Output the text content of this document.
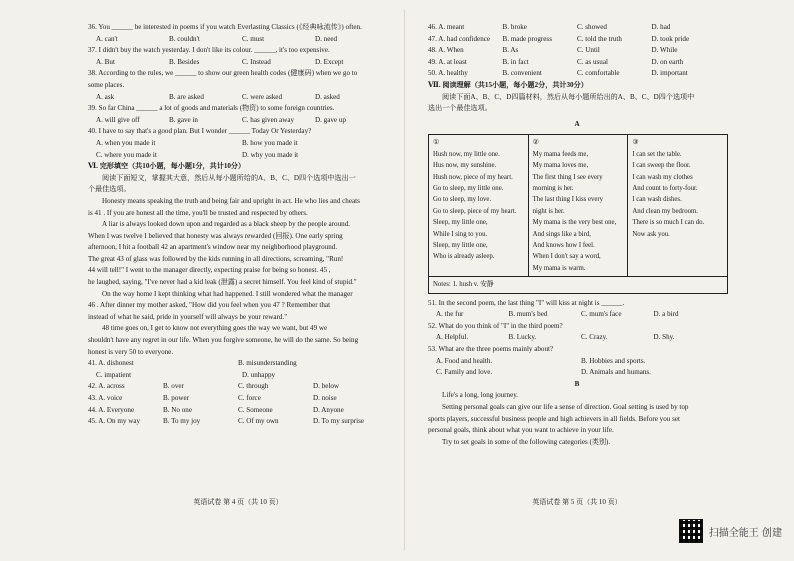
36. You ______ be interested in poems if you watch Everlasting Classics (《经典咏流传》) often.
A. can't	B. couldn't	C. must	D. need
37. I didn't buy the watch yesterday. I don't like its colour. ______, it's too expensive.
A. But	B. Besides	C. Instead	D. Except
38. According to the rules, we ______ to show our green health codes (健康码) when we go to
some places.
A. ask	B. are asked	C. were asked	D. asked
39. So far China ______ a lot of goods and materials (物资) to some foreign countries.
A. will give off	B. gave in	C. has given away	D. gave up
40. I have to say that's a good plan. But I wonder ______ Today Or Yesterday?
A. when you made it	B. how you made it
C. where you made it	D. why you made it
Ⅵ. 完形填空（共10小题，每小题1分，共计10分）
阅读下面短文，掌握其大意，然后从每小题所给的A、B、C、D四个选项中选出一
个最佳选项。
Honesty means speaking the truth and being fair and upright in act. He who lies and cheats
is 41 . If you are honest all the time, you'll be trusted and respected by others.
A liar is always looked down upon and regarded as a black sheep by the people around.
When I was twelve I believed that honesty was always rewarded (回报). One early spring
afternoon, I hit a football 42 an apartment's window near my neighborhood playground.
The great 43 of glass was followed by the kids running in all directions, screaming, "Run!
44 will tell!" I went to the manager directly, expecting praise for being so honest. 45 ,
he laughed, saying, "I've never had a kid leak (泄露) a secret himself. You feel kind of stupid."
On the way home I kept thinking what had happened. I still wondered what the manager
46 . After dinner my mother asked, "How did you feel when you 47 ? Remember that
instead of what he said, pride in yourself will always be your reward."
48 time goes on, I get to know not everything goes the way we want, but 49 we
shouldn't have any regret in our life. When you forgive someone, he will do the same. So being
honest is very 50 to everyone.
41. A. dishonest	B. misunderstanding
C. impatient	D. unhappy
42. A. across	B. over	C. through	D. below
43. A. voice	B. power	C. force	D. noise
44. A. Everyone	B. No one	C. Someone	D. Anyone
45. A. On my way	B. To my joy	C. Of my own	D. To my surprise
英语试卷 第 4 页（共 10 页）
46. A. meant	B. broke	C. showed	D. had
47. A. had confidence	B. made progress	C. told the truth	D. took pride
48. A. When	B. As	C. Until	D. While
49. A. at least	B. in fact	C. as usual	D. on earth
50. A. healthy	B. convenient	C. comfortable	D. important
Ⅶ. 阅读理解（共15小题，每小题2分，共计30分）
阅读下面A、B、C、D四篇材料，然后从每小题所给出的A、B、C、D四个选项中
选出一个最佳选项。
A
①
Hush now, my little one.
Hus now, my sunshine.
Hush now, piece of my heart.
Go to sleep, my little one.
Go to sleep, my love.
Go to sleep, piece of my heart.
Sleep, my little one,
While I sing to you.
Sleep, my little one,
Who is already asleep.

②
My mama feeds me,
My mama loves me,
The first thing I see every
morning is her.
The last thing I kiss every
night is her.
My mama is the very best one,
And sings like a bird,
And knows how I feel.
When I don't say a word,
My mama is warm.

③
I can set the table.
I can sweep the floor.
I can wash my clothes
And count to forty-four.
I can wash dishes.
And clean my bedroom.
There is so much I can do.
Now ask you.

Notes: 1. hush v. 安静
51. In the second poem, the last thing "I" will kiss at night is ______.
A. the fur	B. mum's bed	C. mum's face	D. a bird
52. What do you think of "I" in the third poem?
A. Helpful.	B. Lucky.	C. Crazy.	D. Shy.
53. What are the three poems mainly about?
A. Food and health.	B. Hobbies and sports.
C. Family and love.	D. Animals and humans.
B
Life's a long, long journey.
Setting personal goals can give our life a sense of direction. Goal setting is used by top
sports players, successful business people and high achievers in all fields. Before you set
personal goals, think about what you want to achieve in your life.
Try to set goals in some of the following categories (类别).
英语试卷 第 5 页（共 10 页）
扫描全能王 创建
